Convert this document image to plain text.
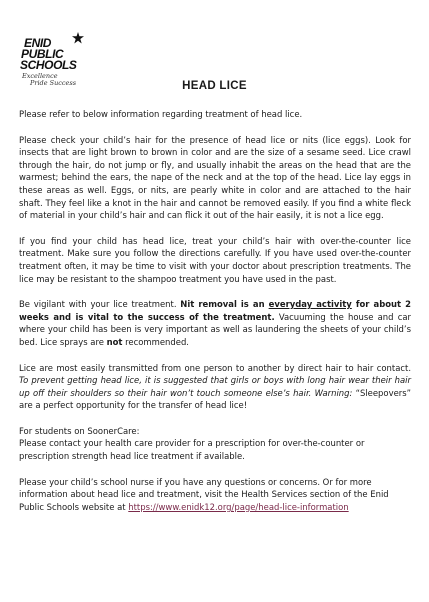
ENID
PUBLIC
SCHOOLS
Excellence
Pride Success	HEAD LICE

Please refer to below information regarding treatment of head lice.

Please check your child’s hair for the presence of head lice or nits (lice eggs). Look for insects that are light brown to brown in color and are the size of a sesame seed. Lice crawl through the hair, do not jump or fly, and usually inhabit the areas on the head that are the warmest; behind the ears, the nape of the neck and at the top of the head. Lice lay eggs in these areas as well. Eggs, or nits, are pearly white in color and are attached to the hair shaft. They feel like a knot in the hair and cannot be removed easily. If you find a white fleck of material in your child’s hair and can flick it out of the hair easily, it is not a lice egg.

If you find your child has head lice, treat your child’s hair with over-the-counter lice treatment. Make sure you follow the directions carefully. If you have used over-the-counter treatment often, it may be time to visit with your doctor about prescription treatments. The lice may be resistant to the shampoo treatment you have used in the past.

Be vigilant with your lice treatment. Nit removal is an everyday activity for about 2 weeks and is vital to the success of the treatment. Vacuuming the house and car where your child has been is very important as well as laundering the sheets of your child’s bed. Lice sprays are not recommended.

Lice are most easily transmitted from one person to another by direct hair to hair contact. To prevent getting head lice, it is suggested that girls or boys with long hair wear their hair up off their shoulders so their hair won’t touch someone else’s hair. Warning: “Sleepovers” are a perfect opportunity for the transfer of head lice!

For students on SoonerCare:

Please contact your health care provider for a prescription for over-the-counter or prescription strength head lice treatment if available.

Please your child’s school nurse if you have any questions or concerns. Or for more information about head lice and treatment, visit the Health Services section of the Enid Public Schools website at https://www.enidk12.org/page/head-lice-information
